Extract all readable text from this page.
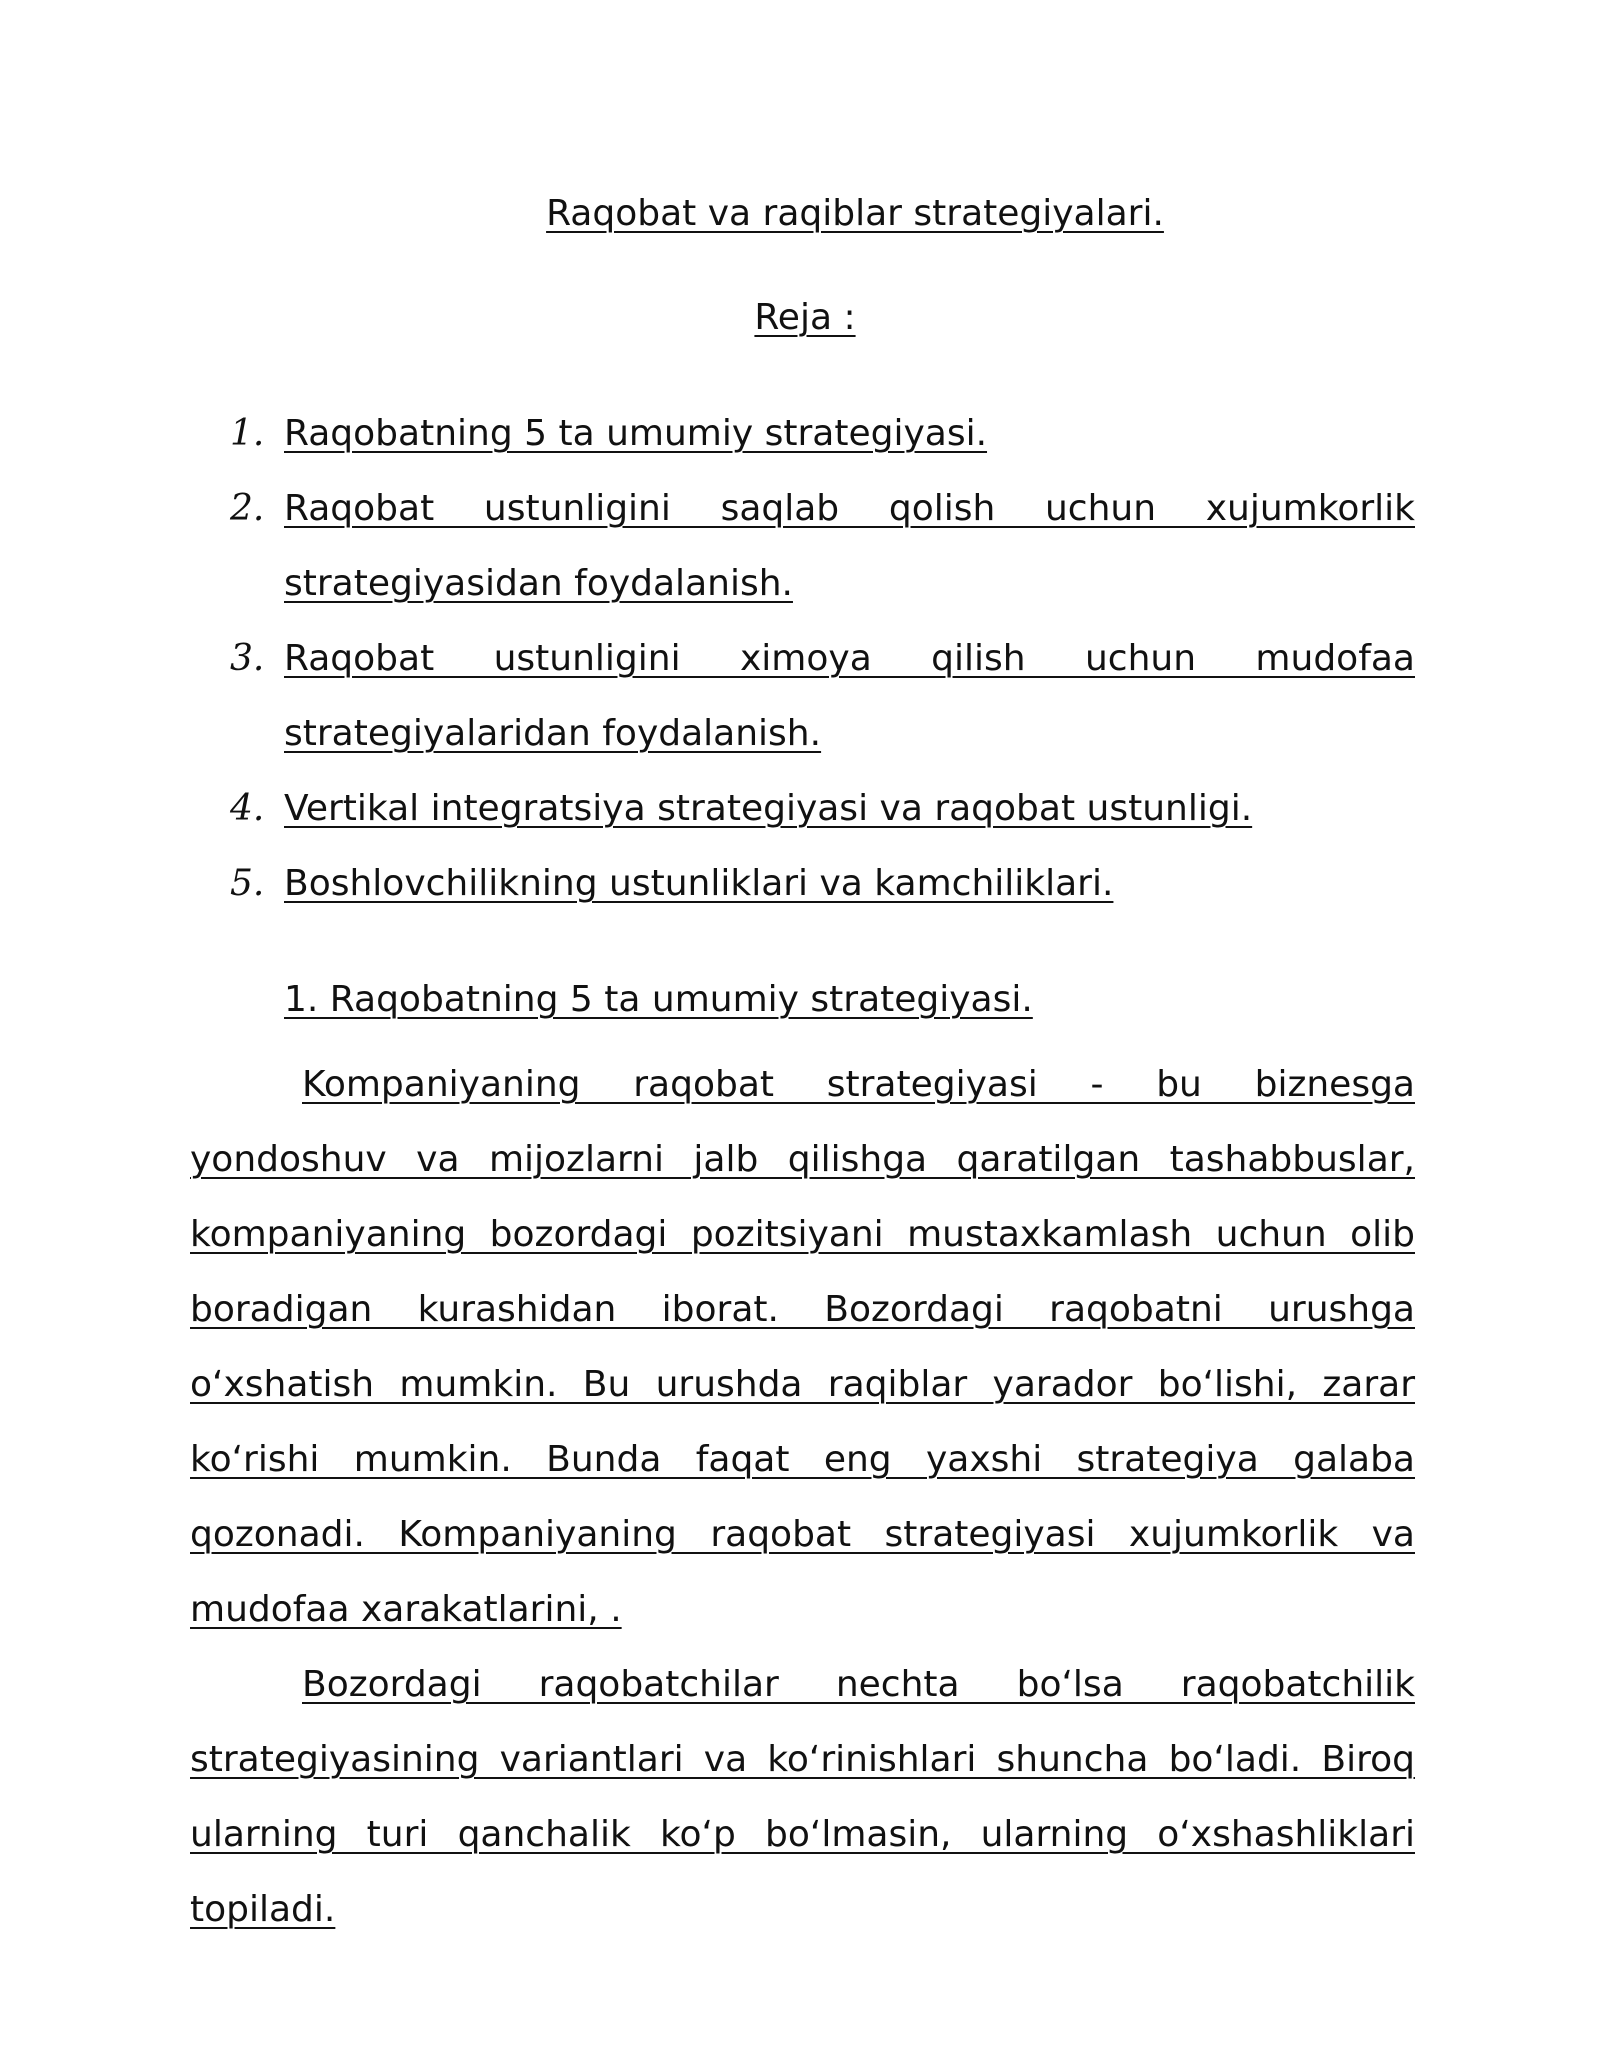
Raqobat va raqiblar strategiyalari.
Reja :
1. Raqobatning 5 ta umumiy strategiyasi.
2. Raqobat ustunligini saqlab qolish uchun xujumkorlik strategiyasidan foydalanish.
3. Raqobat ustunligini ximoya qilish uchun mudofaa strategiyalaridan foydalanish.
4. Vertikal integratsiya strategiyasi va raqobat ustunligi.
5. Boshlovchilikning ustunliklari va kamchiliklari.
1. Raqobatning 5 ta umumiy strategiyasi.

Kompaniyaning raqobat strategiyasi - bu biznesga yondoshuv va mijozlarni jalb qilishga qaratilgan tashabbuslar, kompaniyaning bozordagi pozitsiyani mustaxkamlash uchun olib boradigan kurashidan iborat. Bozordagi raqobatni urushga o‘xshatish mumkin. Bu urushda raqiblar yarador bo‘lishi, zarar ko‘rishi mumkin. Bunda faqat eng yaxshi strategiya galaba qozonadi. Kompaniyaning raqobat strategiyasi xujumkorlik va mudofaa xarakatlarini, .

Bozordagi raqobatchilar nechta bo‘lsa raqobatchilik strategiyasining variantlari va ko‘rinishlari shuncha bo‘ladi. Biroq ularning turi qanchalik ko‘p bo‘lmasin, ularning o‘xshashliklari topiladi.
